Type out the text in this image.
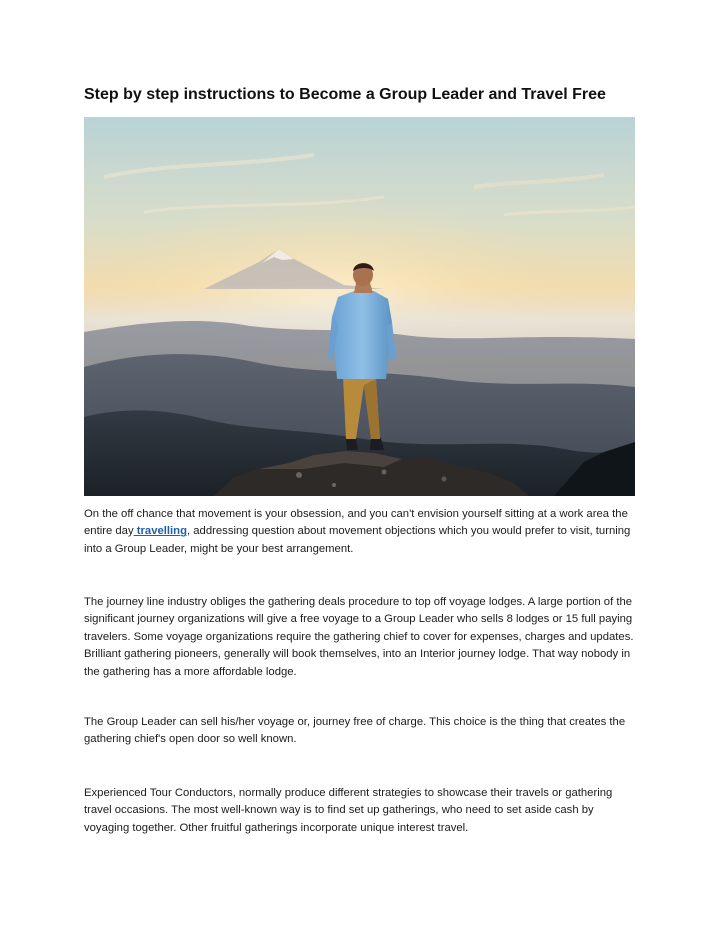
Step by step instructions to Become a Group Leader and Travel Free

On the off chance that movement is your obsession, and you can't envision yourself sitting at a work area the entire day travelling, addressing question about movement objections which you would prefer to visit, turning into a Group Leader, might be your best arrangement.

The journey line industry obliges the gathering deals procedure to top off voyage lodges. A large portion of the significant journey organizations will give a free voyage to a Group Leader who sells 8 lodges or 15 full paying travelers. Some voyage organizations require the gathering chief to cover for expenses, charges and updates. Brilliant gathering pioneers, generally will book themselves, into an Interior journey lodge. That way nobody in the gathering has a more affordable lodge.

The Group Leader can sell his/her voyage or, journey free of charge. This choice is the thing that creates the gathering chief's open door so well known.

Experienced Tour Conductors, normally produce different strategies to showcase their travels or gathering travel occasions. The most well-known way is to find set up gatherings, who need to set aside cash by voyaging together. Other fruitful gatherings incorporate unique interest travel.
